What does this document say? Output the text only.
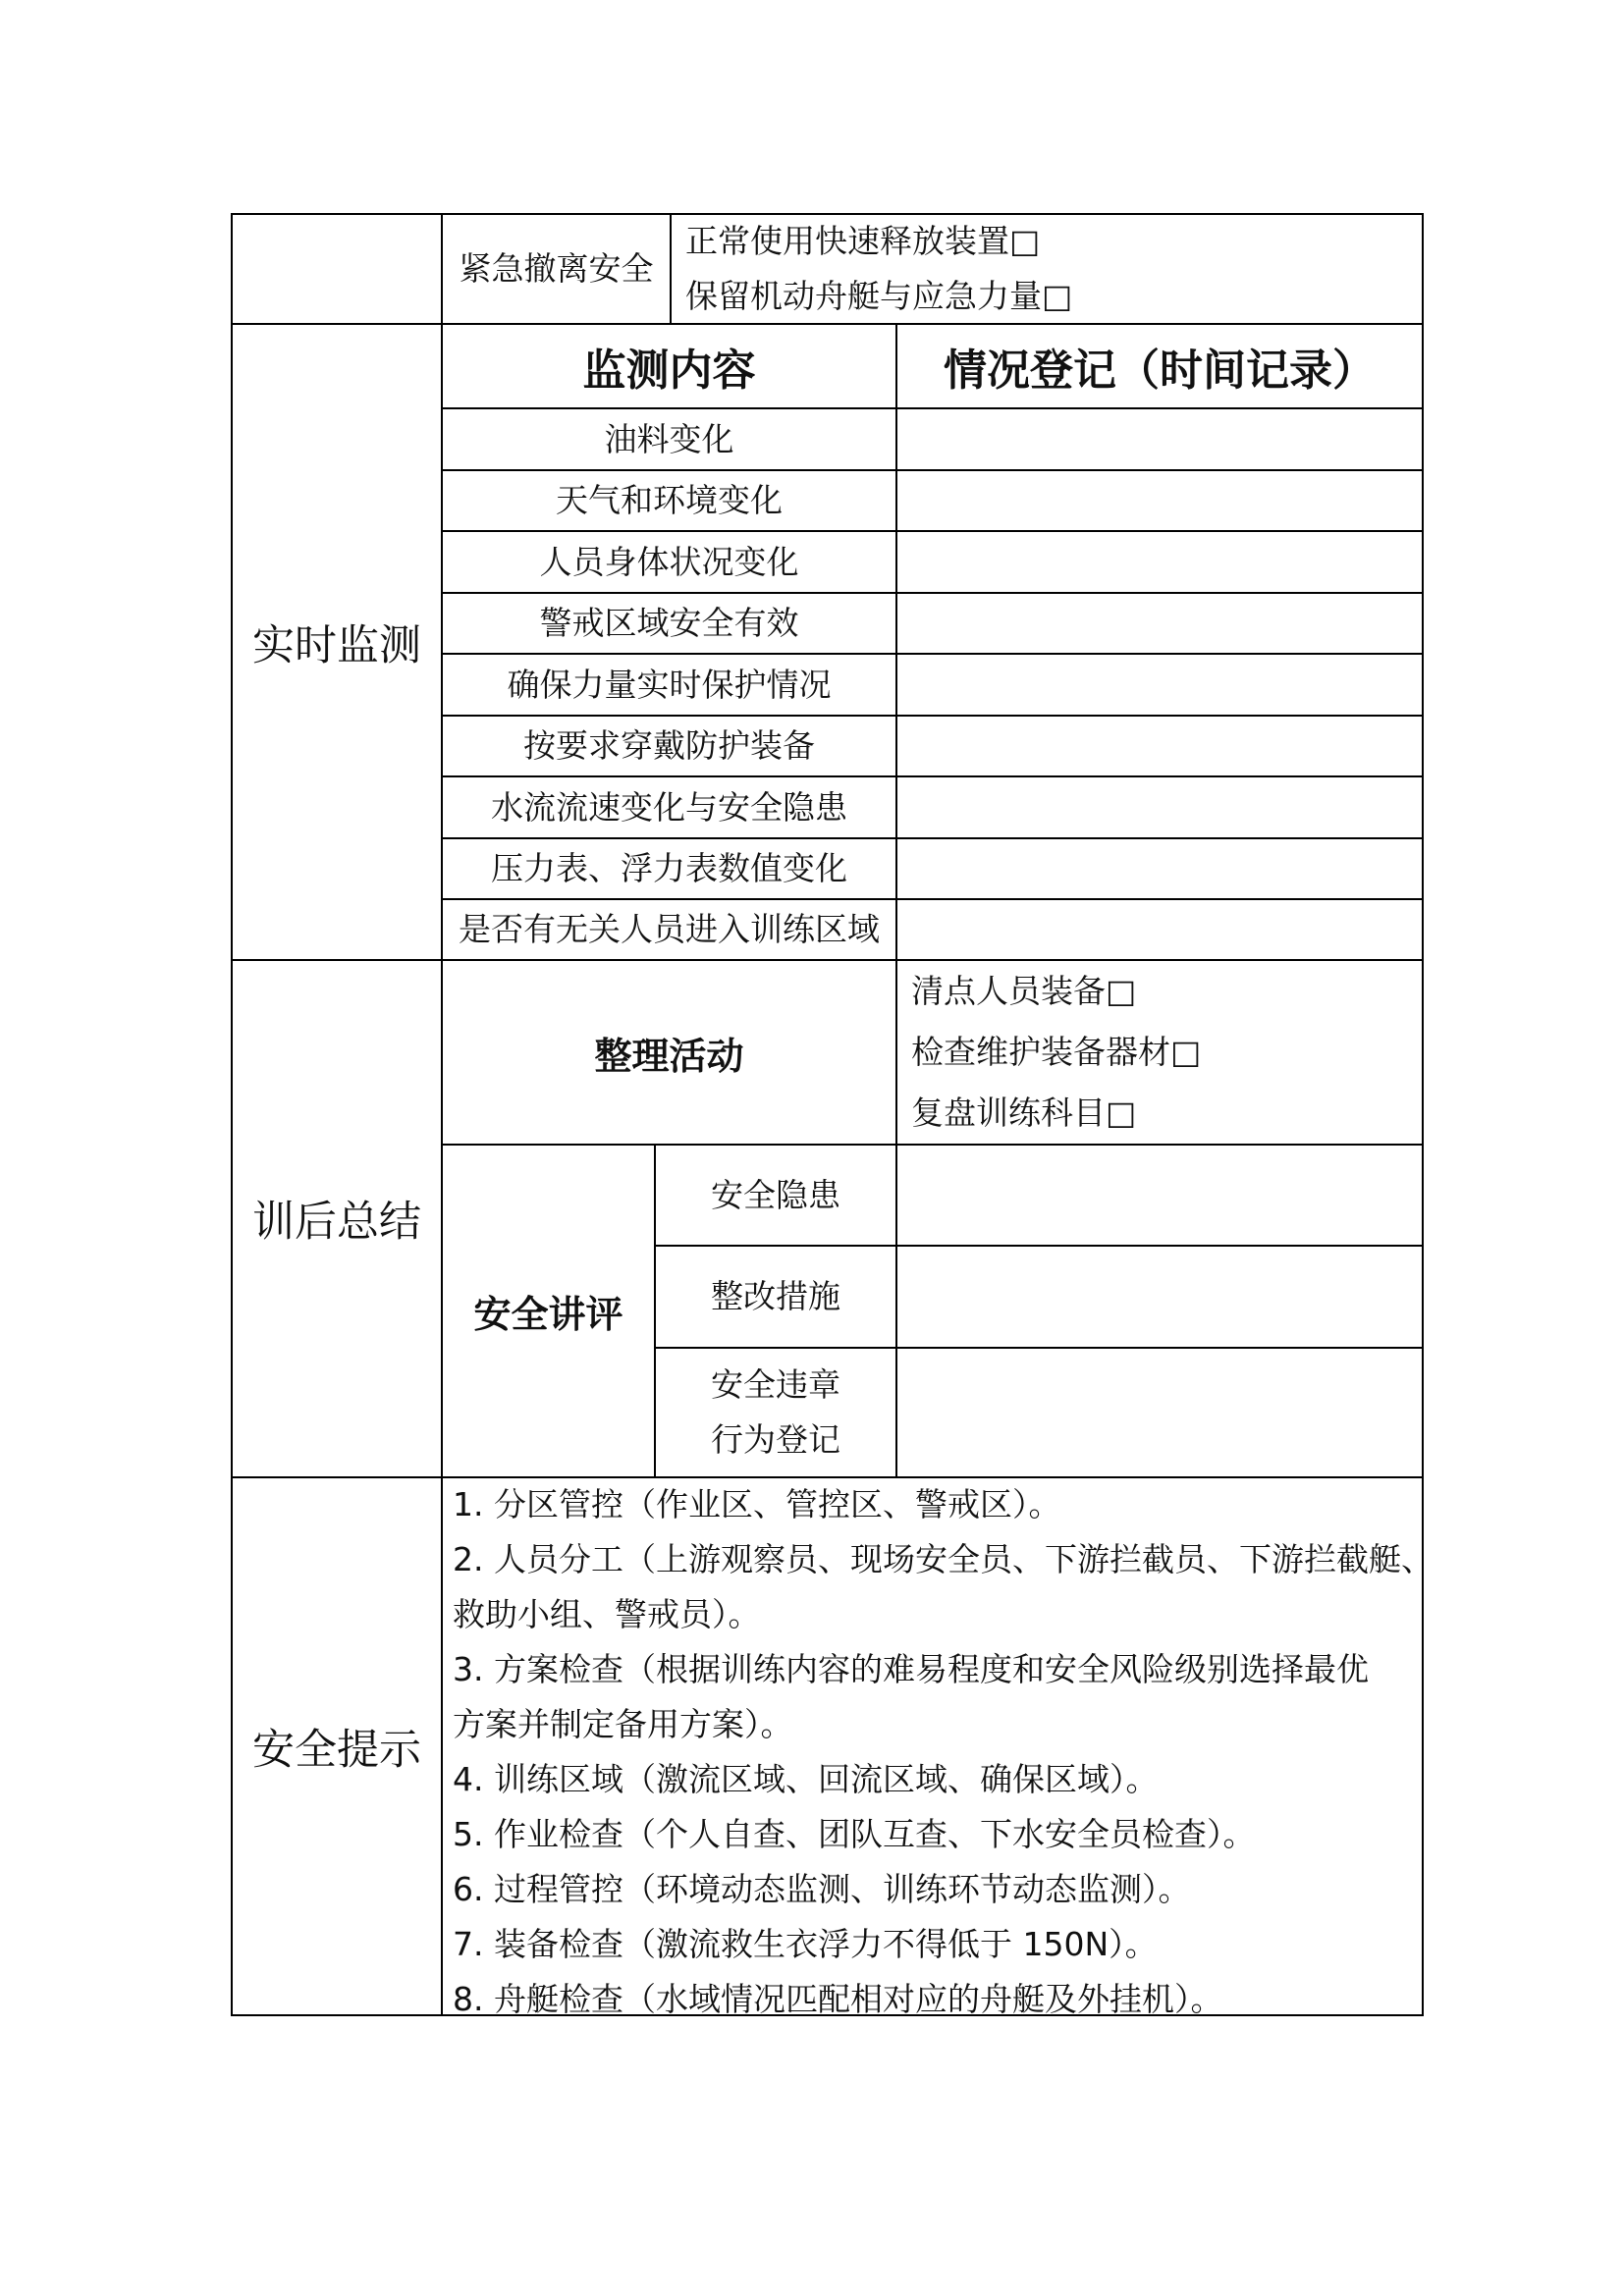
紧急撤离安全
正常使用快速释放装置□
保留机动舟艇与应急力量□
实时监测
监测内容	情况登记（时间记录）
油料变化
天气和环境变化
人员身体状况变化
警戒区域安全有效
确保力量实时保护情况
按要求穿戴防护装备
水流流速变化与安全隐患
压力表、浮力表数值变化
是否有无关人员进入训练区域
训后总结
整理活动
清点人员装备□
检查维护装备器材□
复盘训练科目□
安全讲评
安全隐患
整改措施
安全违章
行为登记
安全提示
1. 分区管控（作业区、管控区、警戒区）。
2. 人员分工（上游观察员、现场安全员、下游拦截员、下游拦截艇、
救助小组、警戒员）。
3. 方案检查（根据训练内容的难易程度和安全风险级别选择最优
方案并制定备用方案）。
4. 训练区域（激流区域、回流区域、确保区域）。
5. 作业检查（个人自查、团队互查、下水安全员检查）。
6. 过程管控（环境动态监测、训练环节动态监测）。
7. 装备检查（激流救生衣浮力不得低于 150N）。
8. 舟艇检查（水域情况匹配相对应的舟艇及外挂机）。
